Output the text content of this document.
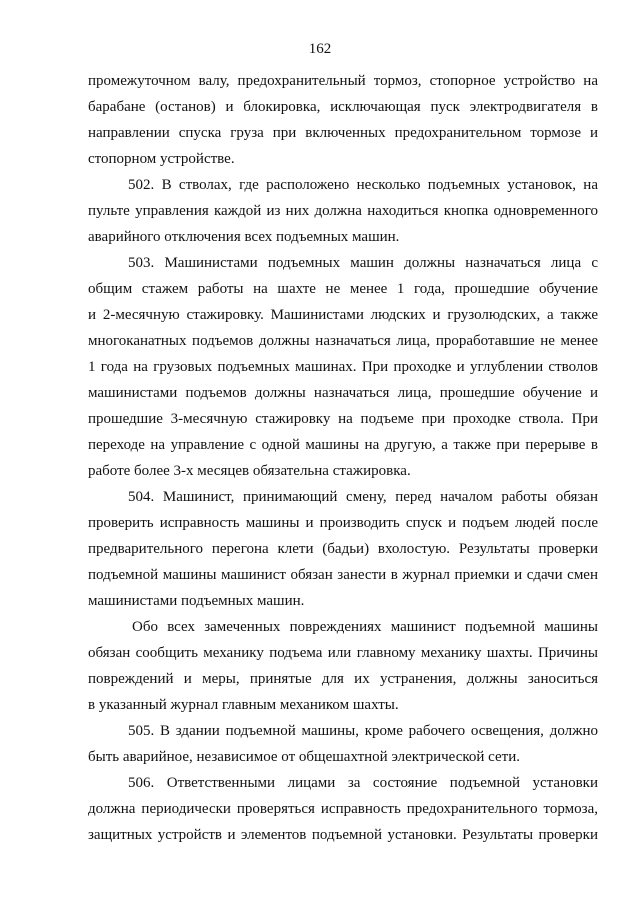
162
промежуточном валу, предохранительный тормоз, стопорное устройство на
барабане (останов) и блокировка, исключающая пуск электродвигателя в
направлении спуска груза при включенных предохранительном тормозе и
стопорном устройстве.
502. В стволах, где расположено несколько подъемных установок, на
пульте управления каждой из них должна находиться кнопка одновременного
аварийного отключения всех подъемных машин.
503. Машинистами подъемных машин должны назначаться лица с
общим стажем работы на шахте не менее 1 года, прошедшие обучение
и 2-месячную стажировку. Машинистами людских и грузолюдских, а также
многоканатных подъемов должны назначаться лица, проработавшие не менее
1 года на грузовых подъемных машинах. При проходке и углублении стволов
машинистами подъемов должны назначаться лица, прошедшие обучение и
прошедшие 3-месячную стажировку на подъеме при проходке ствола. При
переходе на управление с одной машины на другую, а также при перерыве в
работе более 3-х месяцев обязательна стажировка.
504. Машинист, принимающий смену, перед началом работы обязан
проверить исправность машины и производить спуск и подъем людей после
предварительного перегона клети (бадьи) вхолостую. Результаты проверки
подъемной машины машинист обязан занести в журнал приемки и сдачи смен
машинистами подъемных машин.
Обо всех замеченных повреждениях машинист подъемной машины
обязан сообщить механику подъема или главному механику шахты. Причины
повреждений и меры, принятые для их устранения, должны заноситься
в указанный журнал главным механиком шахты.
505. В здании подъемной машины, кроме рабочего освещения, должно
быть аварийное, независимое от общешахтной электрической сети.
506. Ответственными лицами за состояние подъемной установки
должна периодически проверяться исправность предохранительного тормоза,
защитных устройств и элементов подъемной установки. Результаты проверки
